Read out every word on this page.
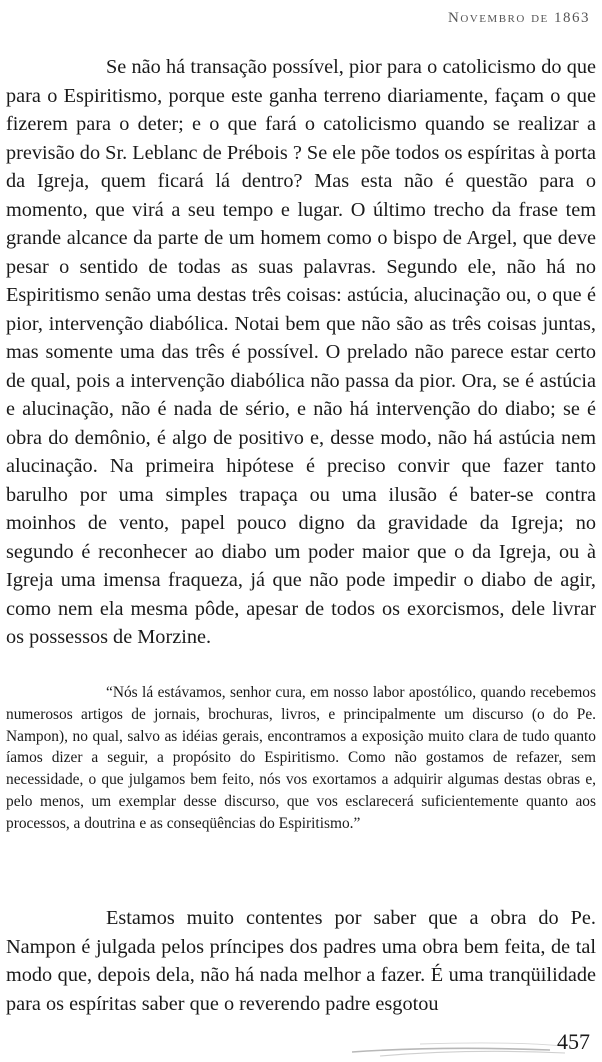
Novembro de 1863

Se não há transação possível, pior para o catolicismo do que para o Espiritismo, porque este ganha terreno diariamente, façam o que fizerem para o deter; e o que fará o catolicismo quando se realizar a previsão do Sr. Leblanc de Prébois ? Se ele põe todos os espíritas à porta da Igreja, quem ficará lá dentro? Mas esta não é questão para o momento, que virá a seu tempo e lugar. O último trecho da frase tem grande alcance da parte de um homem como o bispo de Argel, que deve pesar o sentido de todas as suas palavras. Segundo ele, não há no Espiritismo senão uma destas três coisas: astúcia, alucinação ou, o que é pior, intervenção diabólica. Notai bem que não são as três coisas juntas, mas somente uma das três é possível. O prelado não parece estar certo de qual, pois a intervenção diabólica não passa da pior. Ora, se é astúcia e alucinação, não é nada de sério, e não há intervenção do diabo; se é obra do demônio, é algo de positivo e, desse modo, não há astúcia nem alucinação. Na primeira hipótese é preciso convir que fazer tanto barulho por uma simples trapaça ou uma ilusão é bater-se contra moinhos de vento, papel pouco digno da gravidade da Igreja; no segundo é reconhecer ao diabo um poder maior que o da Igreja, ou à Igreja uma imensa fraqueza, já que não pode impedir o diabo de agir, como nem ela mesma pôde, apesar de todos os exorcismos, dele livrar os possessos de Morzine.

“Nós lá estávamos, senhor cura, em nosso labor apostólico, quando recebemos numerosos artigos de jornais, brochuras, livros, e principalmente um discurso (o do Pe. Nampon), no qual, salvo as idéias gerais, encontramos a exposição muito clara de tudo quanto íamos dizer a seguir, a propósito do Espiritismo. Como não gostamos de refazer, sem necessidade, o que julgamos bem feito, nós vos exortamos a adquirir algumas destas obras e, pelo menos, um exemplar desse discurso, que vos esclarecerá suficientemente quanto aos processos, a doutrina e as conseqüências do Espiritismo.”

Estamos muito contentes por saber que a obra do Pe. Nampon é julgada pelos príncipes dos padres uma obra bem feita, de tal modo que, depois dela, não há nada melhor a fazer. É uma tranqüilidade para os espíritas saber que o reverendo padre esgotou

457
